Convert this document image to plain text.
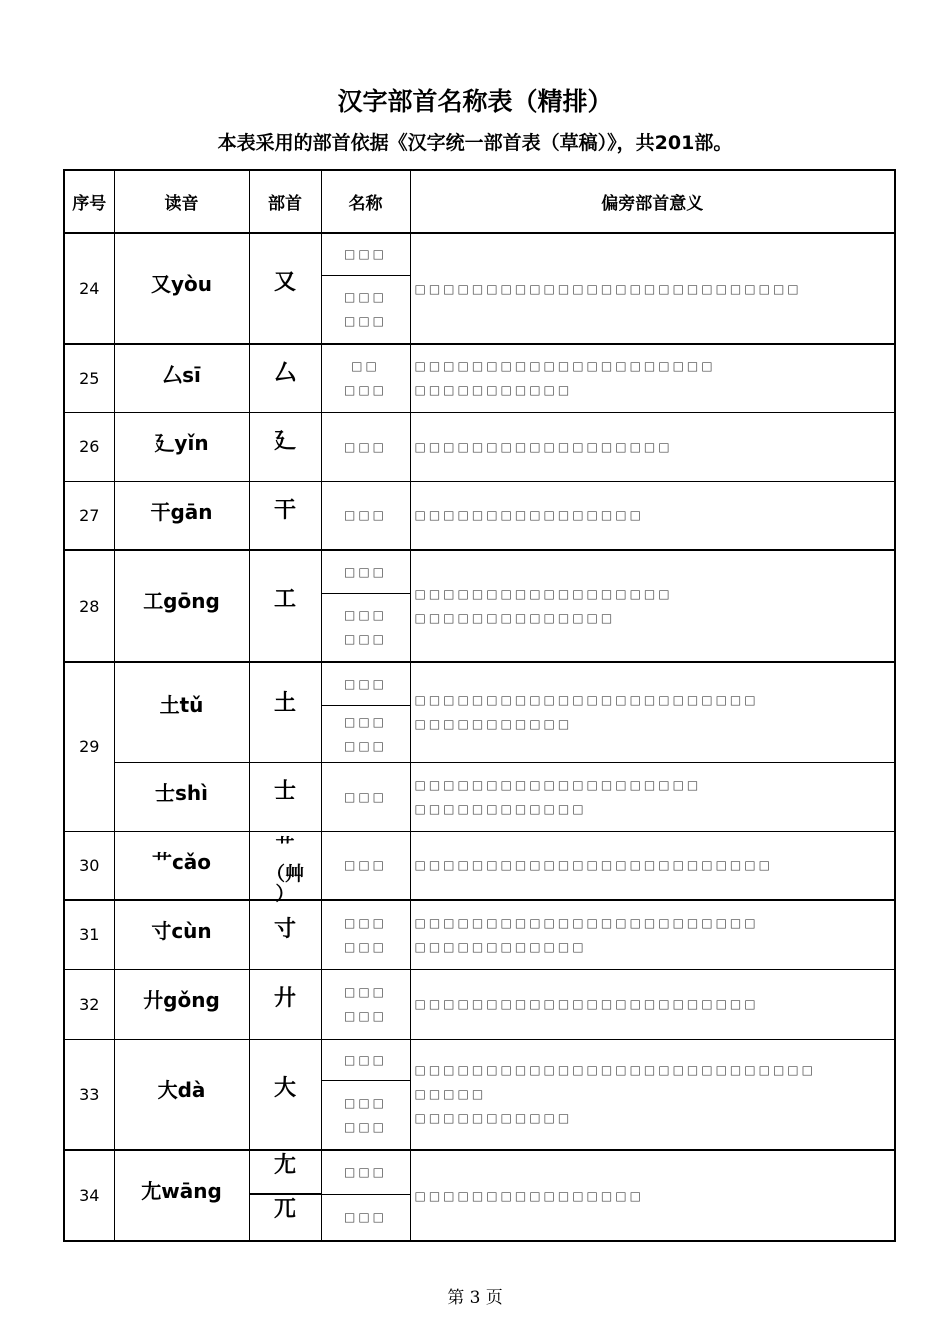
汉字部首名称表（精排）
本表采用的部首依据《汉字统一部首表（草稿）》，共201部。
序号	读音	部首	名称	偏旁部首意义
24	又yòu	又	□□□	□□□□□□□□□□□□□□□□□□□□□□□□□□□

			□□□
□□□	

25	厶sī	厶	□□
□□□	□□□□□□□□□□□□□□□□□□□□□
□□□□□□□□□□□

26	廴yǐn	廴	□□□	□□□□□□□□□□□□□□□□□□
27	干gān	干	□□□	□□□□□□□□□□□□□□□□
28	工gōng	工	□□□	□□□□□□□□□□□□□□□□□□
□□□□□□□□□□□□□□

			□□□
□□□	

29	土tǔ	土	□□□	□□□□□□□□□□□□□□□□□□□□□□□□
□□□□□□□□□□□

			□□□
□□□	

	士shì	士	□□□	□□□□□□□□□□□□□□□□□□□□
□□□□□□□□□□□□

30	艹cǎo	艹
（艸
）	□□□	□□□□□□□□□□□□□□□□□□□□□□□□□
31	寸cùn	寸	□□□
□□□	□□□□□□□□□□□□□□□□□□□□□□□□
□□□□□□□□□□□□

32	廾gǒng	廾	□□□
□□□	□□□□□□□□□□□□□□□□□□□□□□□□
33	大dà	大	□□□	□□□□□□□□□□□□□□□□□□□□□□□□□□□□
□□□□□
□□□□□□□□□□□

			□□□
□□□	

34	尢wāng	尢	□□□	□□□□□□□□□□□□□□□□
		兀	□□□	
第 3 页
